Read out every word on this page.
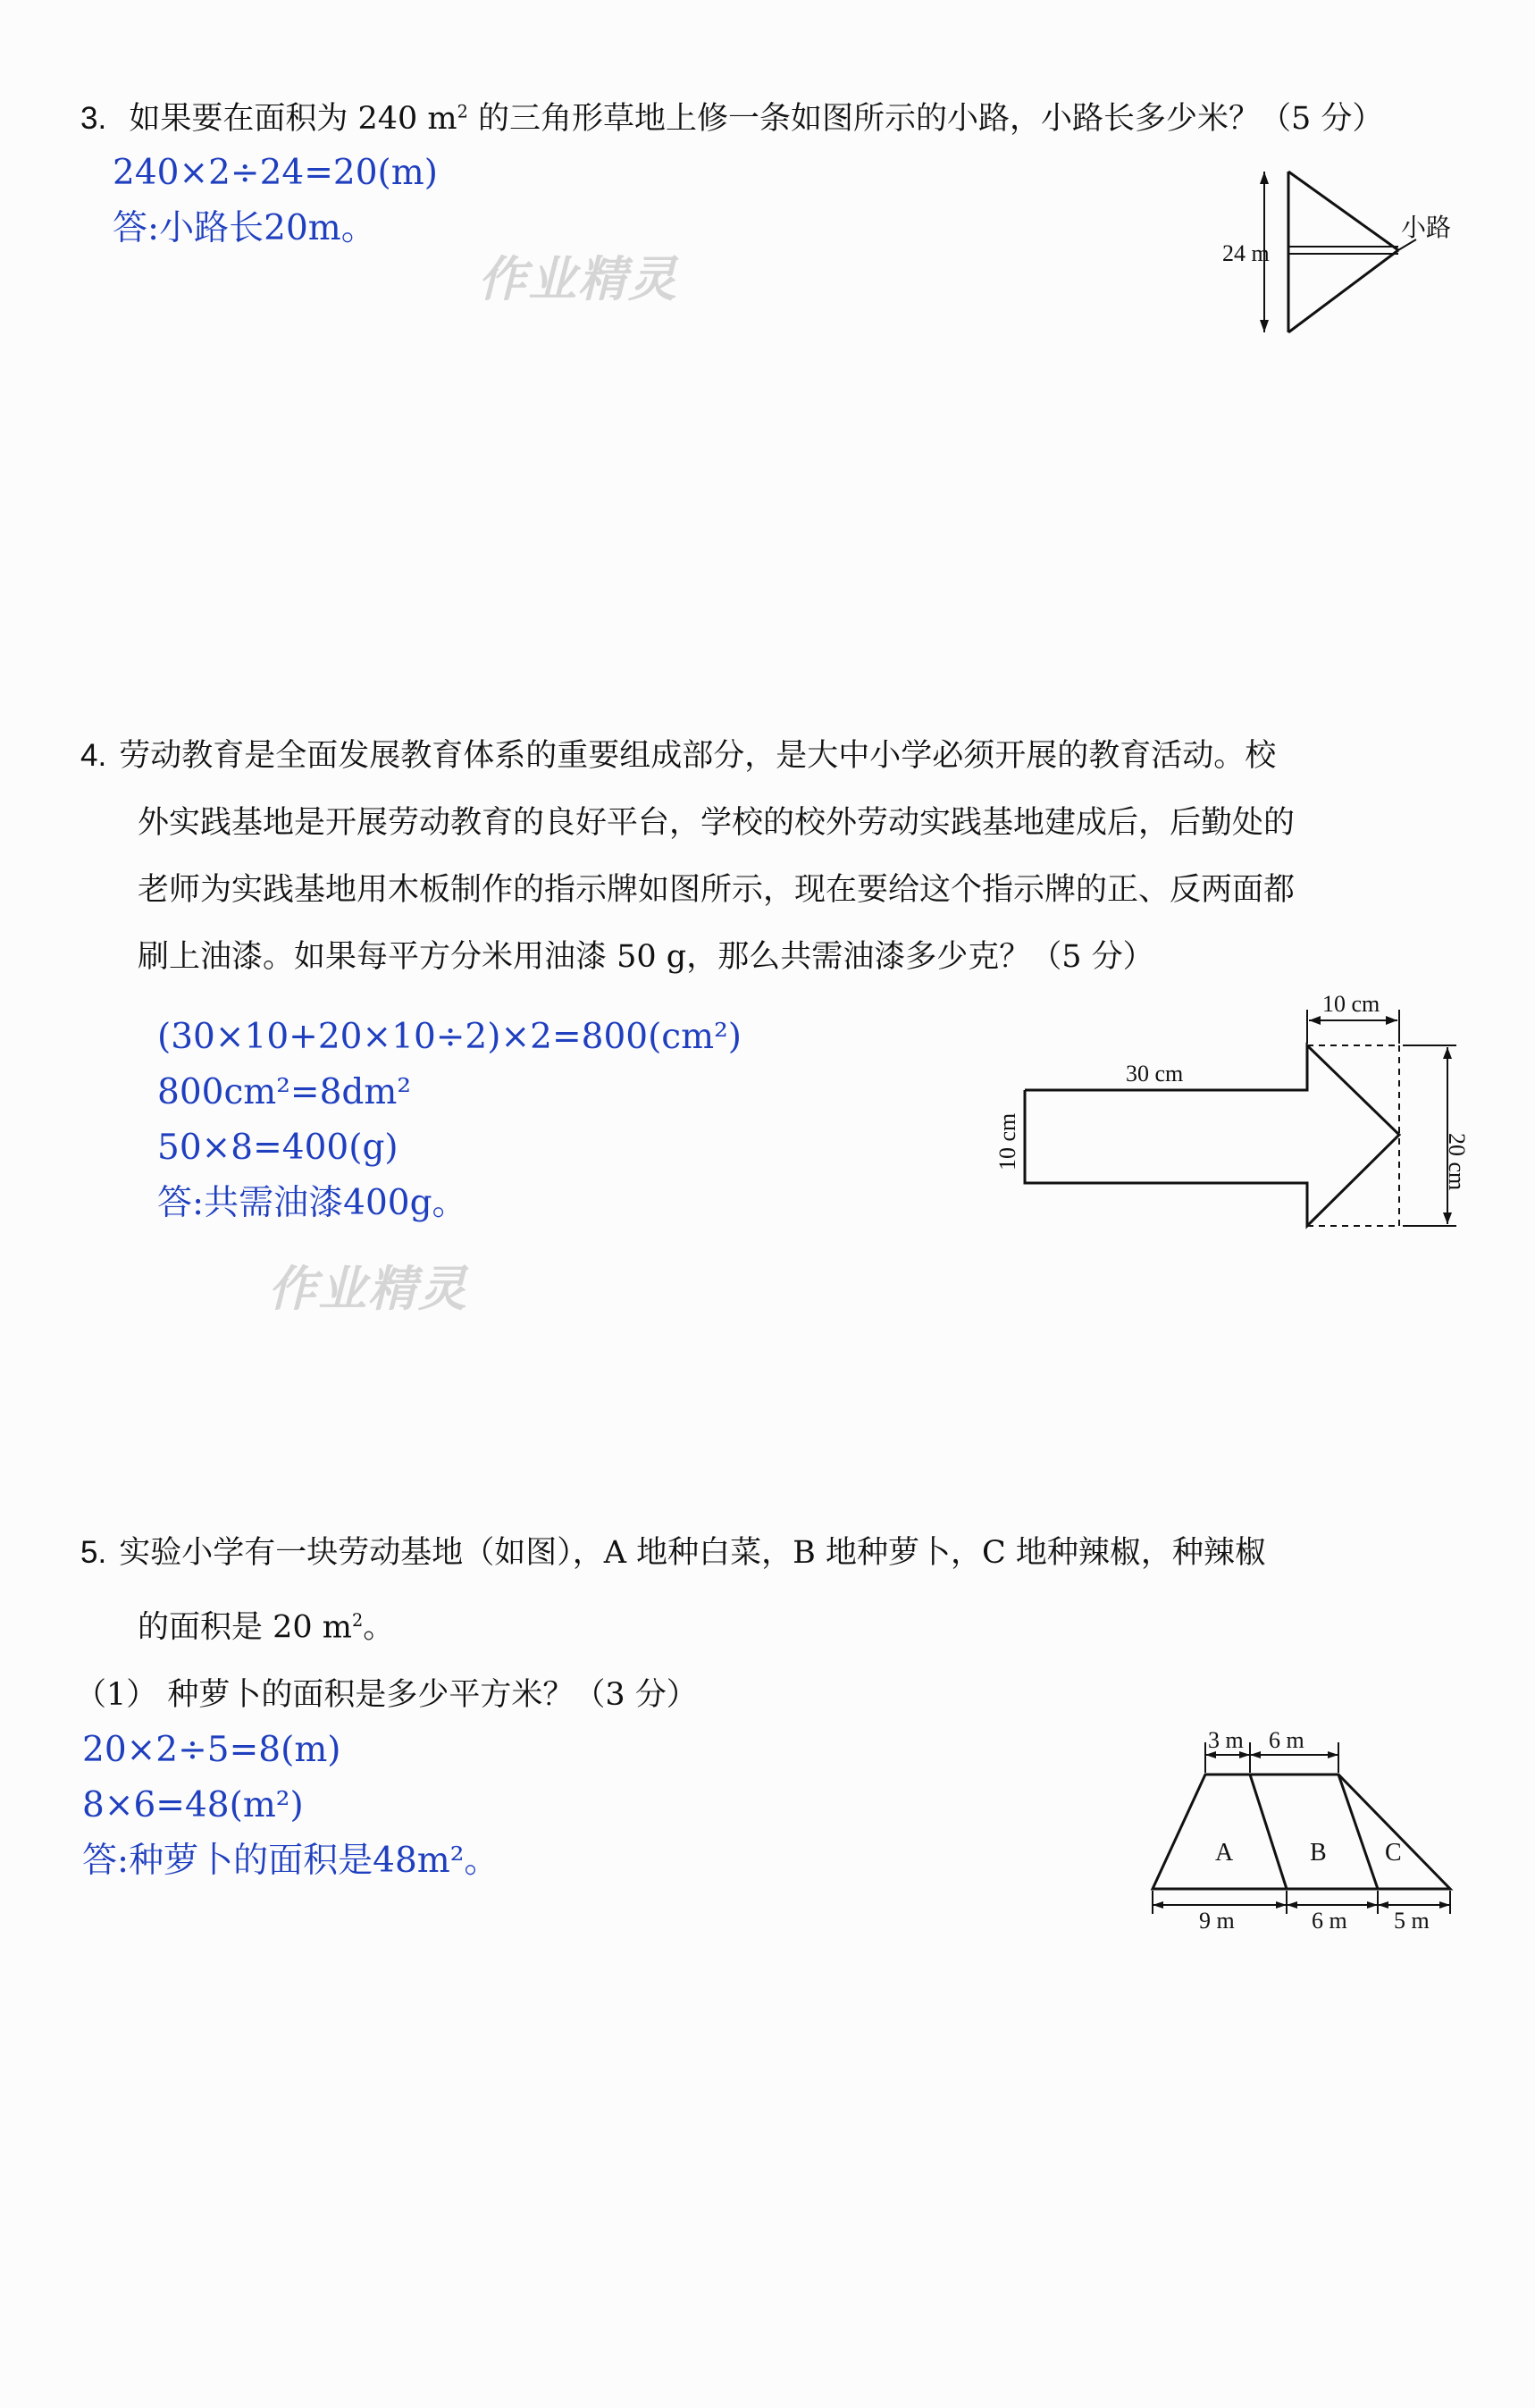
3. 如果要在面积为 240 $m^2$ 的三角形草地上修一条如图所示的小路，小路长多少米？（5 分）
240×2÷24=20(m)
答:小路长20m。
24 m
小路
作业精灵
4. 劳动教育是全面发展教育体系的重要组成部分，是大中小学必须开展的教育活动。校
外实践基地是开展劳动教育的良好平台，学校的校外劳动实践基地建成后，后勤处的
老师为实践基地用木板制作的指示牌如图所示，现在要给这个指示牌的正、反两面都
刷上油漆。如果每平方分米用油漆 50 g，那么共需油漆多少克？（5 分）
(30×10+20×10÷2)×2=800(cm²)
800cm²=8dm²
50×8=400(g)
答:共需油漆400g。
10 cm
30 cm
10 cm	20 cm
作业精灵
5. 实验小学有一块劳动基地（如图），A 地种白菜，B 地种萝卜，C 地种辣椒，种辣椒
的面积是 20 $m^2$。
（1） 种萝卜的面积是多少平方米？（3 分）
20×2÷5=8(m)
8×6=48(m²)
答:种萝卜的面积是48m²。
3 m 6 m
A	B C
9 m	6 m 5 m
